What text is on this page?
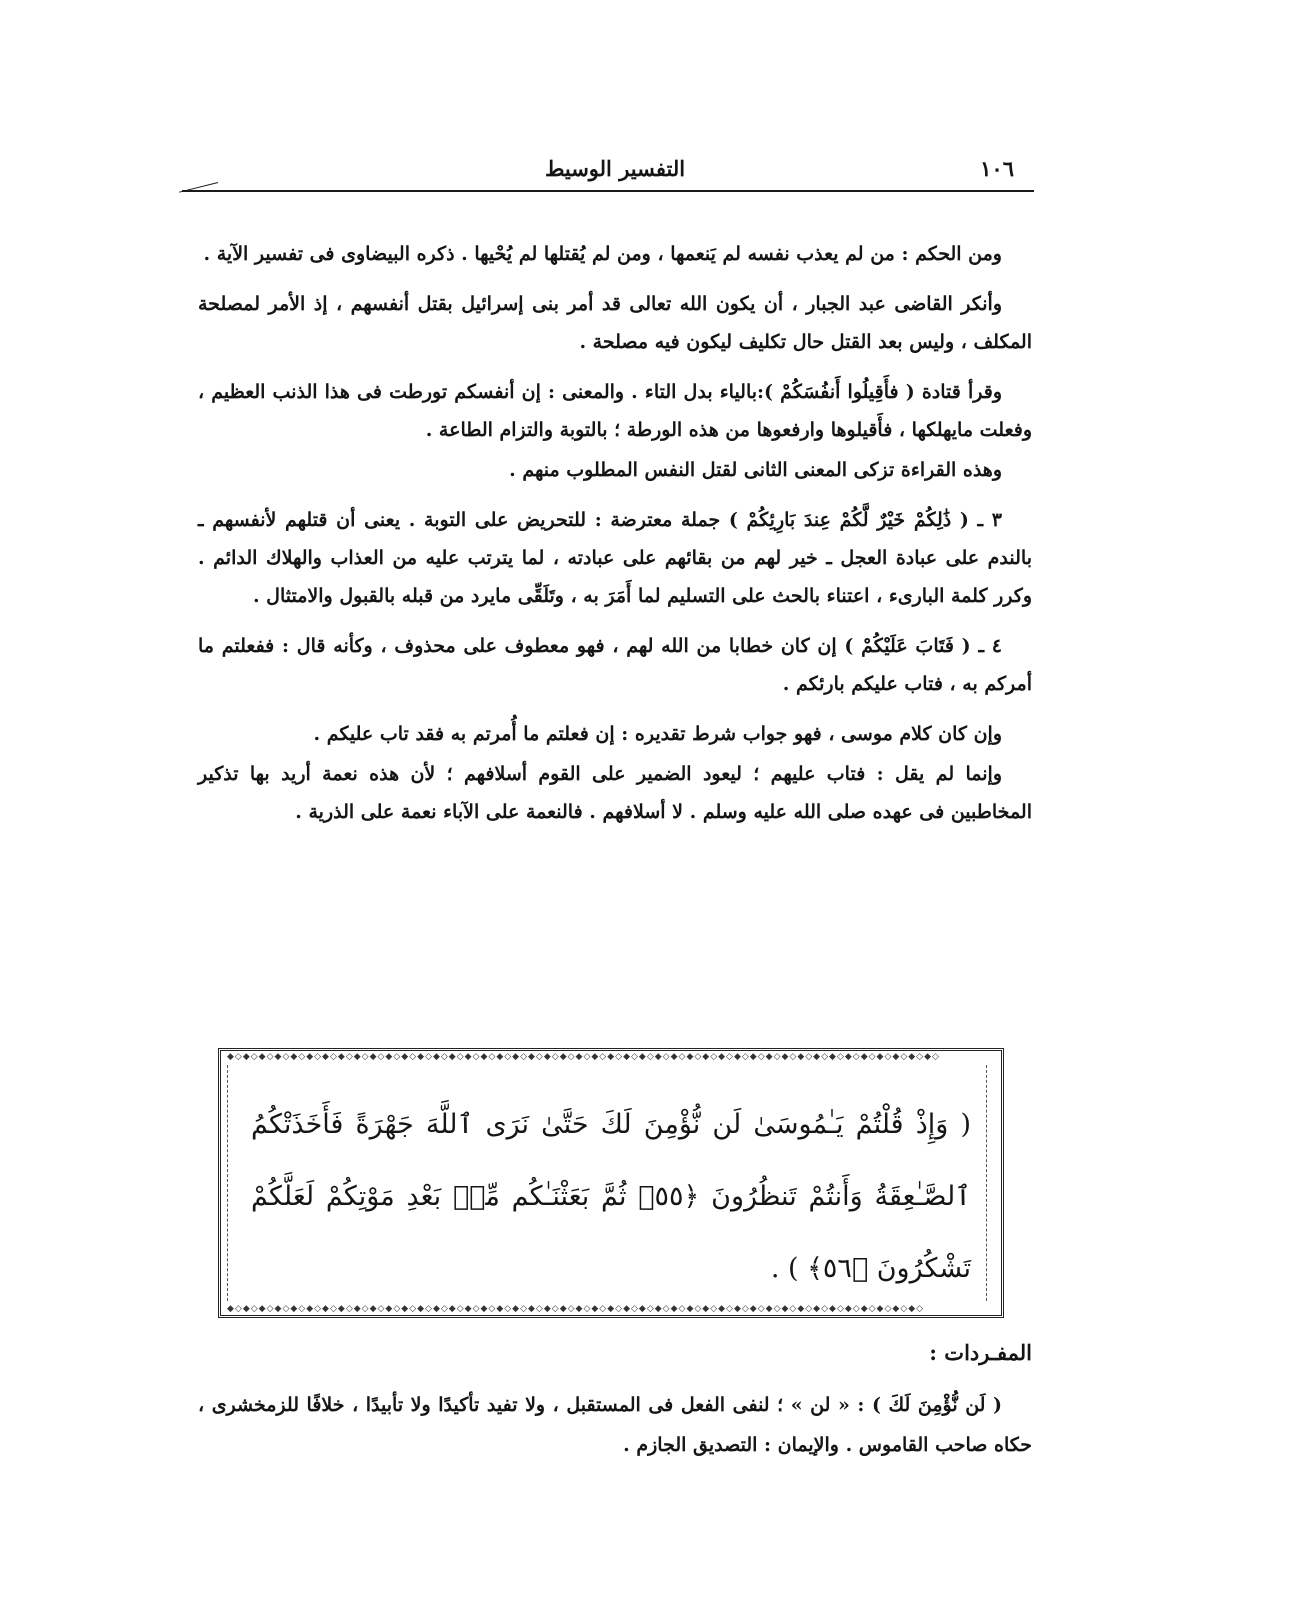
١٠٦
التفسير الوسيط

ومن الحكم : من لم يعذب نفسه لم يَنعمها ، ومن لم يُقتلها لم يُحْيها . ذكره البيضاوى فى تفسير الآية .

وأنكر القاضى عبد الجبار ، أن يكون الله تعالى قد أمر بنى إسرائيل بقتل أنفسهم ، إذ الأمر لمصلحة المكلف ، وليس بعد القتل حال تكليف ليكون فيه مصلحة .

وقرأ قتادة ( فأَقِيلُوا أَنفُسَكُمْ ):بالياء بدل التاء . والمعنى : إن أنفسكم تورطت فى هذا الذنب العظيم ، وفعلت مايهلكها ، فأَقيلوها وارفعوها من هذه الورطة ؛ بالتوبة والتزام الطاعة .

وهذه القراءة تزكى المعنى الثانى لقتل النفس المطلوب منهم .

٣ ـ ( ذَٰلِكُمْ خَيْرٌ لَّكُمْ عِندَ بَارِئِكُمْ ) جملة معترضة : للتحريض على التوبة . يعنى أن قتلهم لأنفسهم ـ بالندم على عبادة العجل ـ خير لهم من بقائهم على عبادته ، لما يترتب عليه من العذاب والهلاك الدائم . وكرر كلمة البارىء ، اعتناء بالحث على التسليم لما أَمَرَ به ، وتَلَقِّى مايرد من قبله بالقبول والامتثال .

٤ ـ ( فَتَابَ عَلَيْكُمْ ) إن كان خطابا من الله لهم ، فهو معطوف على محذوف ، وكأنه قال : ففعلتم ما أمركم به ، فتاب عليكم بارئكم .

وإن كان كلام موسى ، فهو جواب شرط تقديره : إن فعلتم ما أُمرتم به فقد تاب عليكم .

وإنما لم يقل : فتاب عليهم ؛ ليعود الضمير على القوم أسلافهم ؛ لأن هذه نعمة أريد بها تذكير المخاطبين فى عهده صلى الله عليه وسلم . لا أسلافهم . فالنعمة على الآباء نعمة على الذرية .

◆◇◆◇◆◇◆◇◆◇◆◇◆◇◆◇◆◇◆◇◆◇◆◇◆◇◆◇◆◇◆◇◆◇◆◇◆◇◆◇◆◇◆◇◆◇◆◇◆◇◆◇◆◇◆◇◆◇◆◇◆◇◆◇◆◇◆◇◆◇◆◇◆◇◆◇◆◇◆◇◆◇◆◇◆◇◆◇◆◇
( وَإِذْ قُلْتُمْ يَـٰمُوسَىٰ لَن نُّؤْمِنَ لَكَ حَتَّىٰ نَرَى ٱللَّهَ جَهْرَةً فَأَخَذَتْكُمُ ٱلصَّـٰعِقَةُ وَأَنتُمْ تَنظُرُونَ ﴿٥٥﴾ ثُمَّ بَعَثْنَـٰكُم مِّنۢ بَعْدِ مَوْتِكُمْ لَعَلَّكُمْ تَشْكُرُونَ ﴿٥٦﴾ ) .
◆◇◆◇◆◇◆◇◆◇◆◇◆◇◆◇◆◇◆◇◆◇◆◇◆◇◆◇◆◇◆◇◆◇◆◇◆◇◆◇◆◇◆◇◆◇◆◇◆◇◆◇◆◇◆◇◆◇◆◇◆◇◆◇◆◇◆◇◆◇◆◇◆◇◆◇◆◇◆◇◆◇◆◇◆◇◆◇
المفـردات :

( لَن نُّؤْمِنَ لَكَ ) : « لن » ؛ لنفى الفعل فى المستقبل ، ولا تفيد تأكيدًا ولا تأبيدًا ، خلافًا للزمخشرى ، حكاه صاحب القاموس . والإيمان : التصديق الجازم .
